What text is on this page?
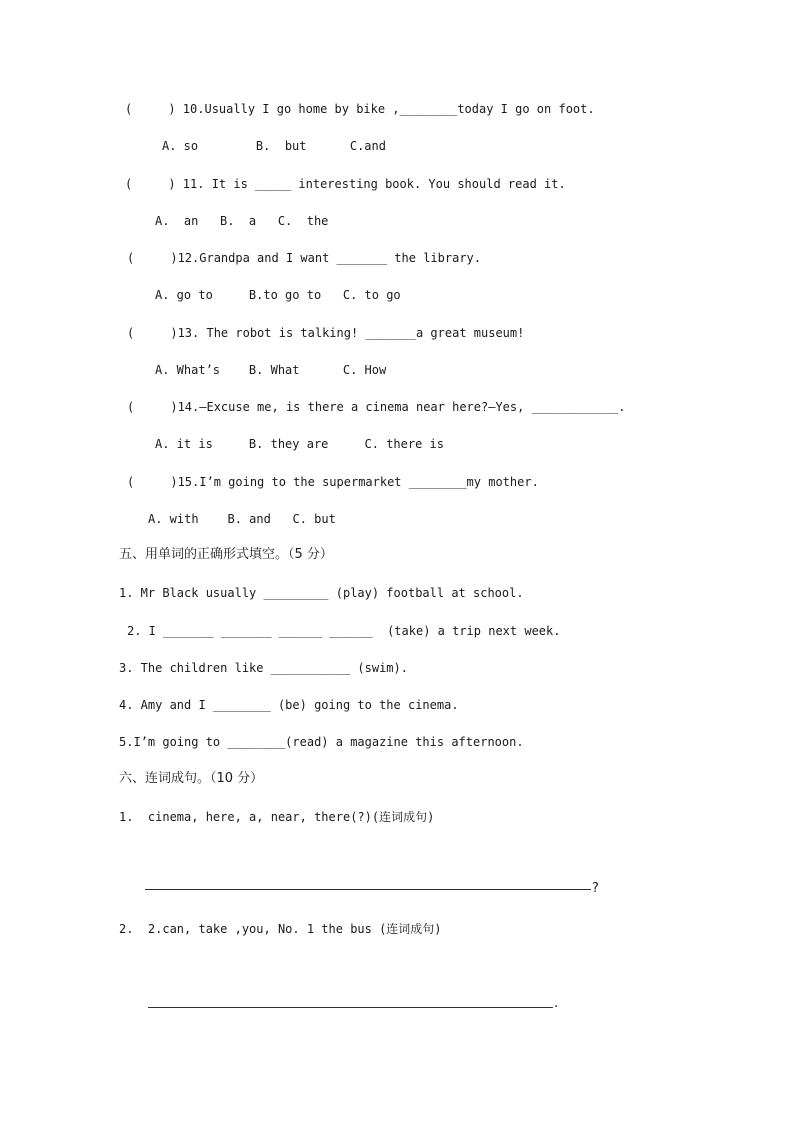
(     ) 10.Usually I go home by bike ,________today I go on foot.
A. so        B.  but      C.and
(     ) 11. It is _____ interesting book. You should read it.
A.  an   B.  a   C.  the
(     )12.Grandpa and I want _______ the library.
A. go to     B.to go to   C. to go
(     )13. The robot is talking! _______a great museum!
A. What’s    B. What      C. How
(     )14.—Excuse me, is there a cinema near here?—Yes, ____________.
A. it is     B. they are     C. there is
(     )15.I’m going to the supermarket ________my mother.
A. with    B. and   C. but
五、用单词的正确形式填空。（5 分）
1. Mr Black usually _________ (play) football at school.
2. I _______ _______ ______ ______  (take) a trip next week.
3. The children like ___________ (swim).
4. Amy and I ________ (be) going to the cinema.
5.I’m going to ________(read) a magazine this afternoon.
六、连词成句。（10 分）
1.  cinema, here, a, near, there(?)(连词成句)
?
2.  2.can, take ,you, No. 1 the bus (连词成句)
.
